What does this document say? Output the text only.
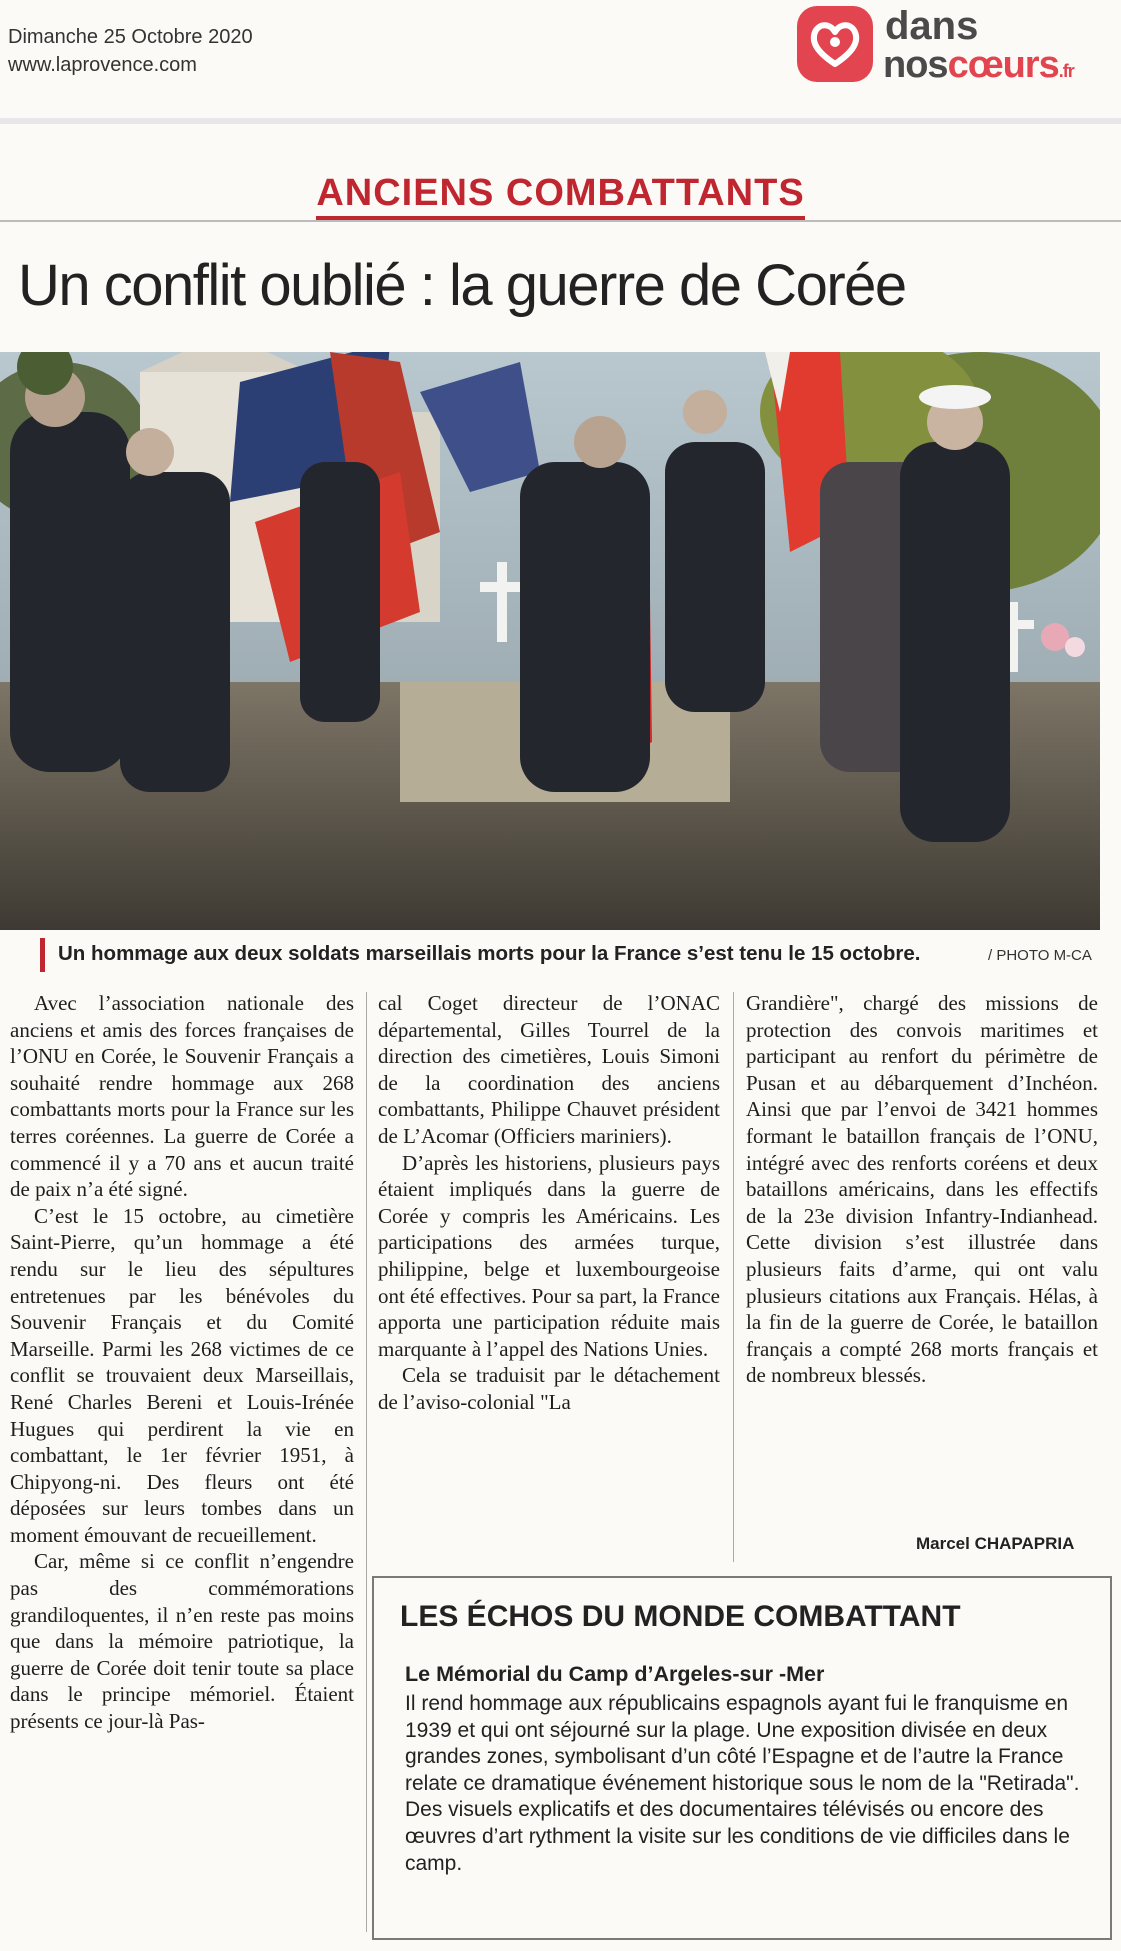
Dimanche 25 Octobre 2020
www.laprovence.com
dans
noscœurs.fr
ANCIENS COMBATTANTS
Un conflit oublié : la guerre de Corée
Un hommage aux deux soldats marseillais morts pour la France s’est tenu le 15 octobre.	/ PHOTO M-CA

Avec l’association nationale des anciens et amis des forces françaises de l’ONU en Corée, le Souvenir Français a souhaité rendre hommage aux 268 combattants morts pour la France sur les terres coréennes. La guerre de Corée a commencé il y a 70 ans et aucun traité de paix n’a été signé.

C’est le 15 octobre, au cimetière Saint-Pierre, qu’un hommage a été rendu sur le lieu des sépultures entretenues par les bénévoles du Souvenir Français et du Comité Marseille. Parmi les 268 victimes de ce conflit se trouvaient deux Marseillais, René Charles Bereni et Louis-Irénée Hugues qui perdirent la vie en combattant, le 1er février 1951, à Chipyong-ni. Des fleurs ont été déposées sur leurs tombes dans un moment émouvant de recueillement.

Car, même si ce conflit n’engendre pas des commémorations grandiloquentes, il n’en reste pas moins que dans la mémoire patriotique, la guerre de Corée doit tenir toute sa place dans le principe mémoriel. Étaient présents ce jour-là Pas-

cal Coget directeur de l’ONAC départemental, Gilles Tourrel de la direction des cimetières, Louis Simoni de la coordination des anciens combattants, Philippe Chauvet président de L’Acomar (Officiers mariniers).

D’après les historiens, plusieurs pays étaient impliqués dans la guerre de Corée y compris les Américains. Les participations des armées turque, philippine, belge et luxembourgeoise ont été effectives. Pour sa part, la France apporta une participation réduite mais marquante à l’appel des Nations Unies.

Cela se traduisit par le détachement de l’aviso-colonial "La

Grandière", chargé des missions de protection des convois maritimes et participant au renfort du périmètre de Pusan et au débarquement d’Inchéon. Ainsi que par l’envoi de 3421 hommes formant le bataillon français de l’ONU, intégré avec des renforts coréens et deux bataillons américains, dans les effectifs de la 23e division Infantry-Indianhead. Cette division s’est illustrée dans plusieurs faits d’arme, qui ont valu plusieurs citations aux Français. Hélas, à la fin de la guerre de Corée, le bataillon français a compté 268 morts français et de nombreux blessés.

Marcel CHAPAPRIA
LES ÉCHOS DU MONDE COMBATTANT
Le Mémorial du Camp d’Argeles-sur -Mer
Il rend hommage aux républicains espagnols ayant fui le franquisme en 1939 et qui ont séjourné sur la plage. Une exposition divisée en deux grandes zones, symbolisant d’un côté l’Espagne et de l’autre la France relate ce dramatique événement historique sous le nom de la "Retirada". Des visuels explicatifs et des documentaires télévisés ou encore des œuvres d’art rythment la visite sur les conditions de vie difficiles dans le camp.
